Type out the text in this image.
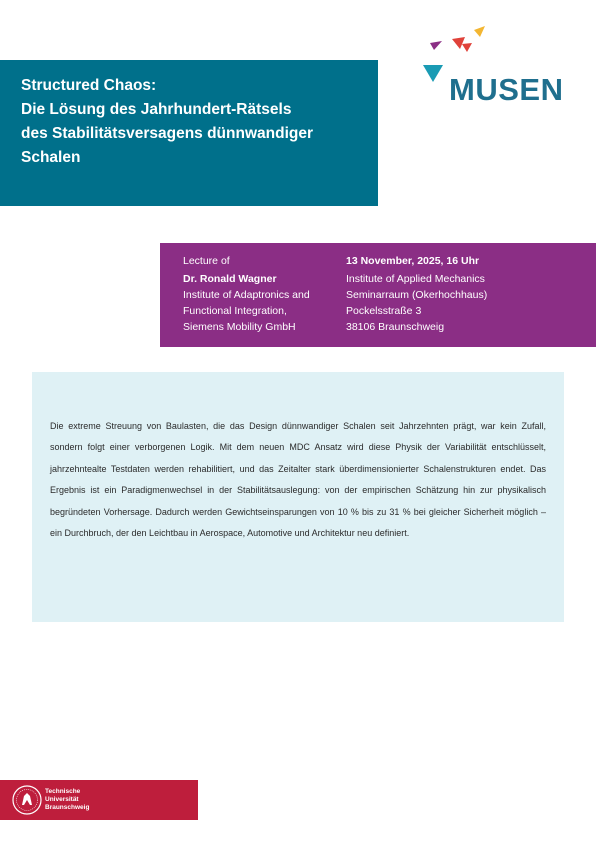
Structured Chaos:
Die Lösung des Jahrhundert-Rätsels
des Stabilitätsversagens dünnwandiger
Schalen
MUSEN
Lecture of
Dr. Ronald Wagner
Institute of Adaptronics and
Functional Integration,
Siemens Mobility GmbH
13 November, 2025, 16 Uhr
Institute of Applied Mechanics
Seminarraum (Okerhochhaus)
Pockelsstraße 3
38106 Braunschweig

Die extreme Streuung von Baulasten, die das Design dünnwandiger Schalen seit Jahrzehnten prägt, war kein Zufall, sondern folgt einer verborgenen Logik. Mit dem neuen MDC Ansatz wird diese Physik der Variabilität entschlüsselt, jahrzehntealte Testdaten werden rehabilitiert, und das Zeitalter stark überdimensionierter Schalenstrukturen endet. Das Ergebnis ist ein Paradigmenwechsel in der Stabilitätsauslegung: von der empirischen Schätzung hin zur physikalisch begründeten Vorhersage. Dadurch werden Gewichtseinsparungen von 10 % bis zu 31 % bei gleicher Sicherheit möglich – ein Durchbruch, der den Leichtbau in Aerospace, Automotive und Architektur neu definiert.

Technische
Universität
Braunschweig
